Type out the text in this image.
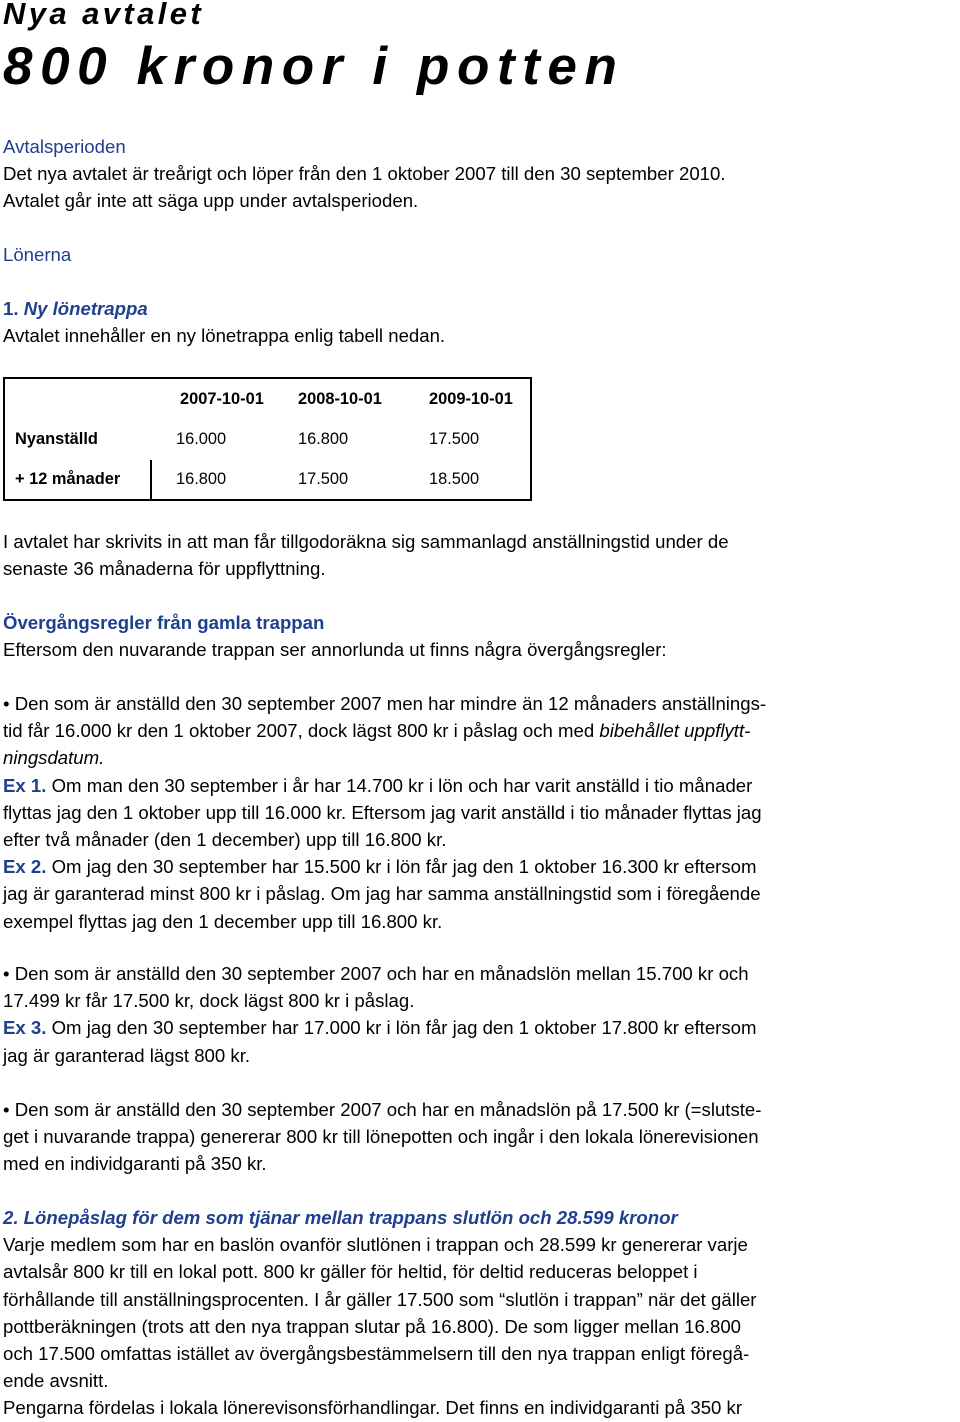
Nya avtalet
800 kronor i potten
Avtalsperioden
Det nya avtalet är treårigt och löper från den 1 oktober 2007 till den 30 september 2010.
Avtalet går inte att säga upp under avtalsperioden.
Lönerna
1. Ny lönetrappa
Avtalet innehåller en ny lönetrappa enlig tabell nedan.
	2007-10-01	2008-10-01	2009-10-01
Nyanställd	16.000	16.800	17.500
+ 12 månader	16.800	17.500	18.500
I avtalet har skrivits in att man får tillgodoräkna sig sammanlagd anställningstid under de
senaste 36 månaderna för uppflyttning.
Övergångsregler från gamla trappan
Eftersom den nuvarande trappan ser annorlunda ut finns några övergångsregler:
• Den som är anställd den 30 september 2007 men har mindre än 12 månaders anställnings-
tid får 16.000 kr den 1 oktober 2007, dock lägst 800 kr i påslag och med bibehållet uppflytt-
ningsdatum.
Ex 1. Om man den 30 september i år har 14.700 kr i lön och har varit anställd i tio månader
flyttas jag den 1 oktober upp till 16.000 kr. Eftersom jag varit anställd i tio månader flyttas jag
efter två månader (den 1 december) upp till 16.800 kr.
Ex 2. Om jag den 30 september har 15.500 kr i lön får jag den 1 oktober 16.300 kr eftersom
jag är garanterad minst 800 kr i påslag. Om jag har samma anställningstid som i föregående
exempel flyttas jag den 1 december upp till 16.800 kr.
• Den som är anställd den 30 september 2007 och har en månadslön mellan 15.700 kr och
17.499 kr får 17.500 kr, dock lägst 800 kr i påslag.
Ex 3. Om jag den 30 september har 17.000 kr i lön får jag den 1 oktober 17.800 kr eftersom
jag är garanterad lägst 800 kr.
• Den som är anställd den 30 september 2007 och har en månadslön på 17.500 kr (=slutste-
get i nuvarande trappa) genererar 800 kr till lönepotten och ingår i den lokala lönerevisionen
med en individgaranti på 350 kr.
2. Lönepåslag för dem som tjänar mellan trappans slutlön och 28.599 kronor
Varje medlem som har en baslön ovanför slutlönen i trappan och 28.599 kr genererar varje
avtalsår 800 kr till en lokal pott. 800 kr gäller för heltid, för deltid reduceras beloppet i
förhållande till anställningsprocenten. I år gäller 17.500 som “slutlön i trappan” när det gäller
pottberäkningen (trots att den nya trappan slutar på 16.800). De som ligger mellan 16.800
och 17.500 omfattas istället av övergångsbestämmelsern till den nya trappan enligt föregå-
ende avsnitt.
Pengarna fördelas i lokala lönerevisonsförhandlingar. Det finns en individgaranti på 350 kr
